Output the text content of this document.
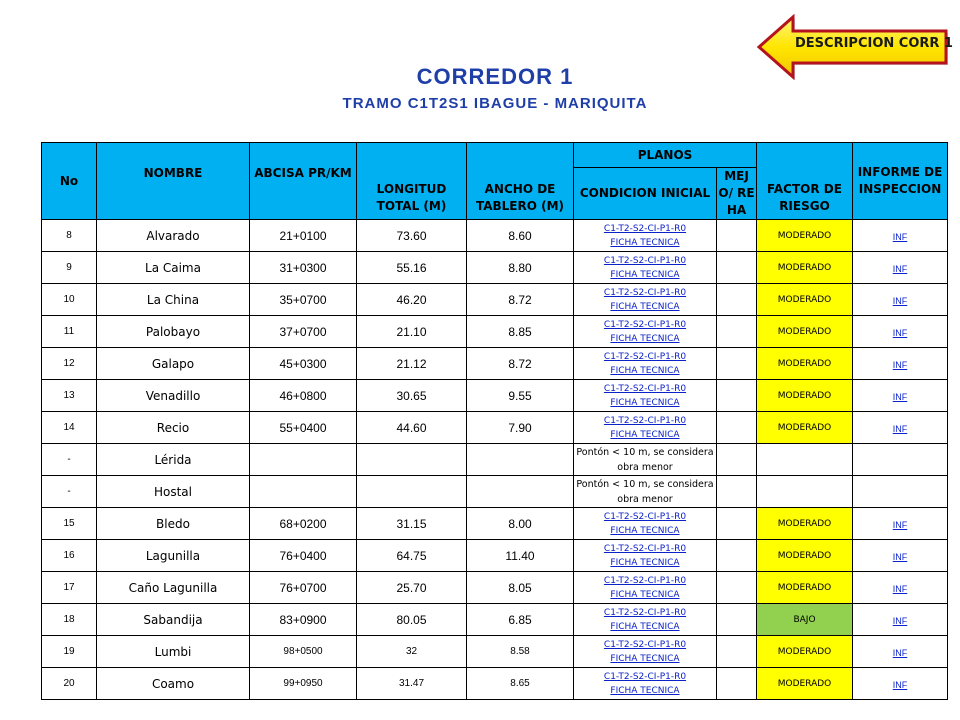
DESCRIPCION CORR 1
CORREDOR 1
TRAMO C1T2S1 IBAGUE - MARIQUITA
No	NOMBRE	ABCISA PR/KM	LONGITUD TOTAL (M)	ANCHO DE TABLERO (M)	PLANOS		FACTOR DE RIESGO	INFORME DE INSPECCION
					CONDICION INICIAL	MEJO/ REHA		
8	Alvarado	21+0100	73.60	8.60	C1-T2-S2-CI-P1-R0
FICHA TECNICA		MODERADO	INF
9	La Caima	31+0300	55.16	8.80	C1-T2-S2-CI-P1-R0
FICHA TECNICA		MODERADO	INF
10	La China	35+0700	46.20	8.72	C1-T2-S2-CI-P1-R0
FICHA TECNICA		MODERADO	INF
11	Palobayo	37+0700	21.10	8.85	C1-T2-S2-CI-P1-R0
FICHA TECNICA		MODERADO	INF
12	Galapo	45+0300	21.12	8.72	C1-T2-S2-CI-P1-R0
FICHA TECNICA		MODERADO	INF
13	Venadillo	46+0800	30.65	9.55	C1-T2-S2-CI-P1-R0
FICHA TECNICA		MODERADO	INF
14	Recio	55+0400	44.60	7.90	C1-T2-S2-CI-P1-R0
FICHA TECNICA		MODERADO	INF
-	Lérida				Pontón < 10 m, se considera obra menor			

-	Hostal				Pontón < 10 m, se considera obra menor			

15	Bledo	68+0200	31.15	8.00	C1-T2-S2-CI-P1-R0
FICHA TECNICA		MODERADO	INF
16	Lagunilla	76+0400	64.75	11.40	C1-T2-S2-CI-P1-R0
FICHA TECNICA		MODERADO	INF
17	Caño Lagunilla	76+0700	25.70	8.05	C1-T2-S2-CI-P1-R0
FICHA TECNICA		MODERADO	INF
18	Sabandija	83+0900	80.05	6.85	C1-T2-S2-CI-P1-R0
FICHA TECNICA		BAJO	INF
19	Lumbi	98+0500	32	8.58	C1-T2-S2-CI-P1-R0
FICHA TECNICA		MODERADO	INF
20	Coamo	99+0950	31.47	8.65	C1-T2-S2-CI-P1-R0
FICHA TECNICA		MODERADO	INF
